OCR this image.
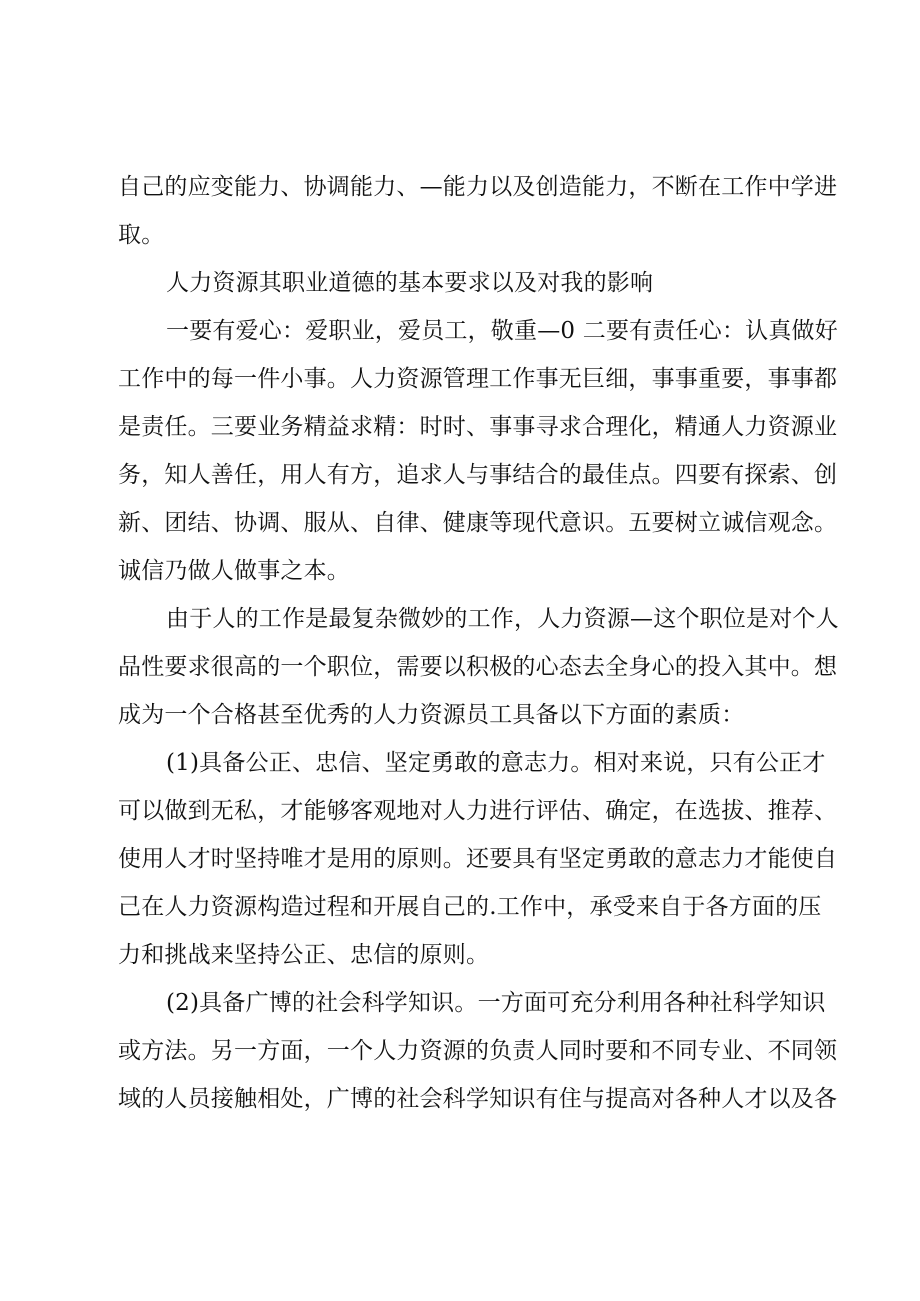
自己的应变能力、协调能力、—能力以及创造能力，不断在工作中学进
取。
人力资源其职业道德的基本要求以及对我的影响
一要有爱心：爱职业，爱员工，敬重—0 二要有责任心：认真做好
工作中的每一件小事。人力资源管理工作事无巨细，事事重要，事事都
是责任。三要业务精益求精：时时、事事寻求合理化，精通人力资源业
务，知人善任，用人有方，追求人与事结合的最佳点。四要有探索、创
新、团结、协调、服从、自律、健康等现代意识。五要树立诚信观念。
诚信乃做人做事之本。
由于人的工作是最复杂微妙的工作，人力资源—这个职位是对个人
品性要求很高的一个职位，需要以积极的心态去全身心的投入其中。想
成为一个合格甚至优秀的人力资源员工具备以下方面的素质：
(1)具备公正、忠信、坚定勇敢的意志力。相对来说，只有公正才
可以做到无私，才能够客观地对人力进行评估、确定，在选拔、推荐、
使用人才时坚持唯才是用的原则。还要具有坚定勇敢的意志力才能使自
己在人力资源构造过程和开展自己的.工作中，承受来自于各方面的压
力和挑战来坚持公正、忠信的原则。
(2)具备广博的社会科学知识。一方面可充分利用各种社科学知识
或方法。另一方面，一个人力资源的负责人同时要和不同专业、不同领
域的人员接触相处，广博的社会科学知识有住与提高对各种人才以及各
